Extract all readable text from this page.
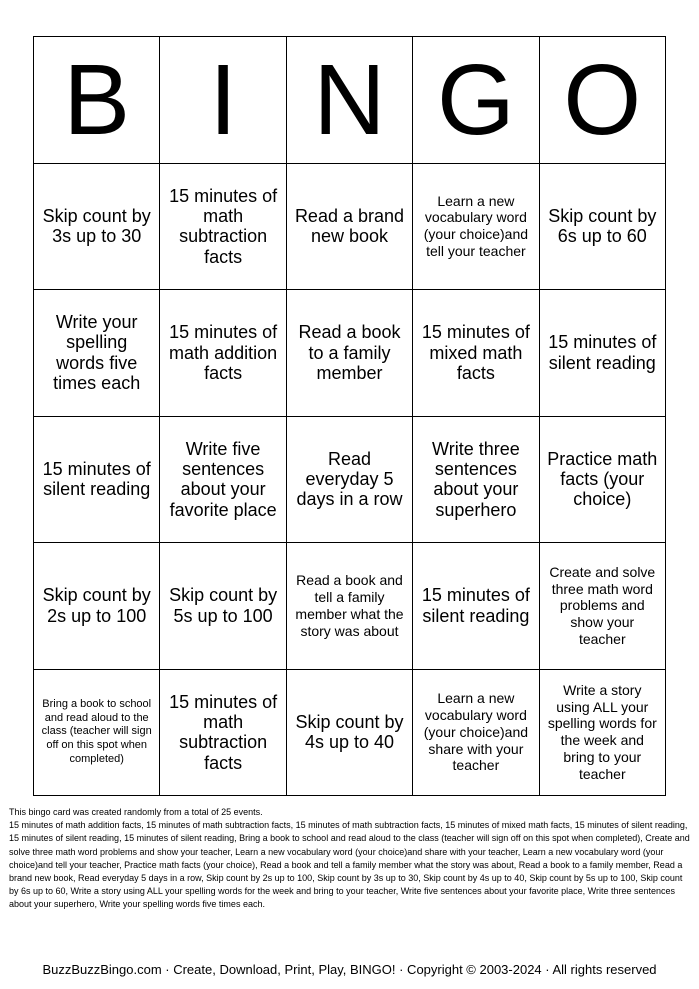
B I N G O
Skip count by 3s up to 30
15 minutes of math subtraction facts
Read a brand new book
Learn a new vocabulary word (your choice)and tell your teacher
Skip count by 6s up to 60
Write your spelling words five times each
15 minutes of math addition facts
Read a book to a family member
15 minutes of mixed math facts
15 minutes of silent reading
15 minutes of silent reading
Write five sentences about your favorite place
Read everyday 5 days in a row
Write three sentences about your superhero
Practice math facts (your choice)
Skip count by 2s up to 100
Skip count by 5s up to 100
Read a book and tell a family member what the story was about
15 minutes of silent reading
Create and solve three math word problems and show your teacher
Bring a book to school and read aloud to the class (teacher will sign off on this spot when completed)
15 minutes of math subtraction facts
Skip count by 4s up to 40
Learn a new vocabulary word (your choice)and share with your teacher
Write a story using ALL your spelling words for the week and bring to your teacher
This bingo card was created randomly from a total of 25 events.
15 minutes of math addition facts, 15 minutes of math subtraction facts, 15 minutes of math subtraction facts, 15 minutes of mixed math facts, 15 minutes of silent reading, 15 minutes of silent reading, 15 minutes of silent reading, Bring a book to school and read aloud to the class (teacher will sign off on this spot when completed), Create and solve three math word problems and show your teacher, Learn a new vocabulary word (your choice)and share with your teacher, Learn a new vocabulary word (your choice)and tell your teacher, Practice math facts (your choice), Read a book and tell a family member what the story was about, Read a book to a family member, Read a brand new book, Read everyday 5 days in a row, Skip count by 2s up to 100, Skip count by 3s up to 30, Skip count by 4s up to 40, Skip count by 5s up to 100, Skip count by 6s up to 60, Write a story using ALL your spelling words for the week and bring to your teacher, Write five sentences about your favorite place, Write three sentences about your superhero, Write your spelling words five times each.
BuzzBuzzBingo.com · Create, Download, Print, Play, BINGO! · Copyright © 2003-2024 · All rights reserved
